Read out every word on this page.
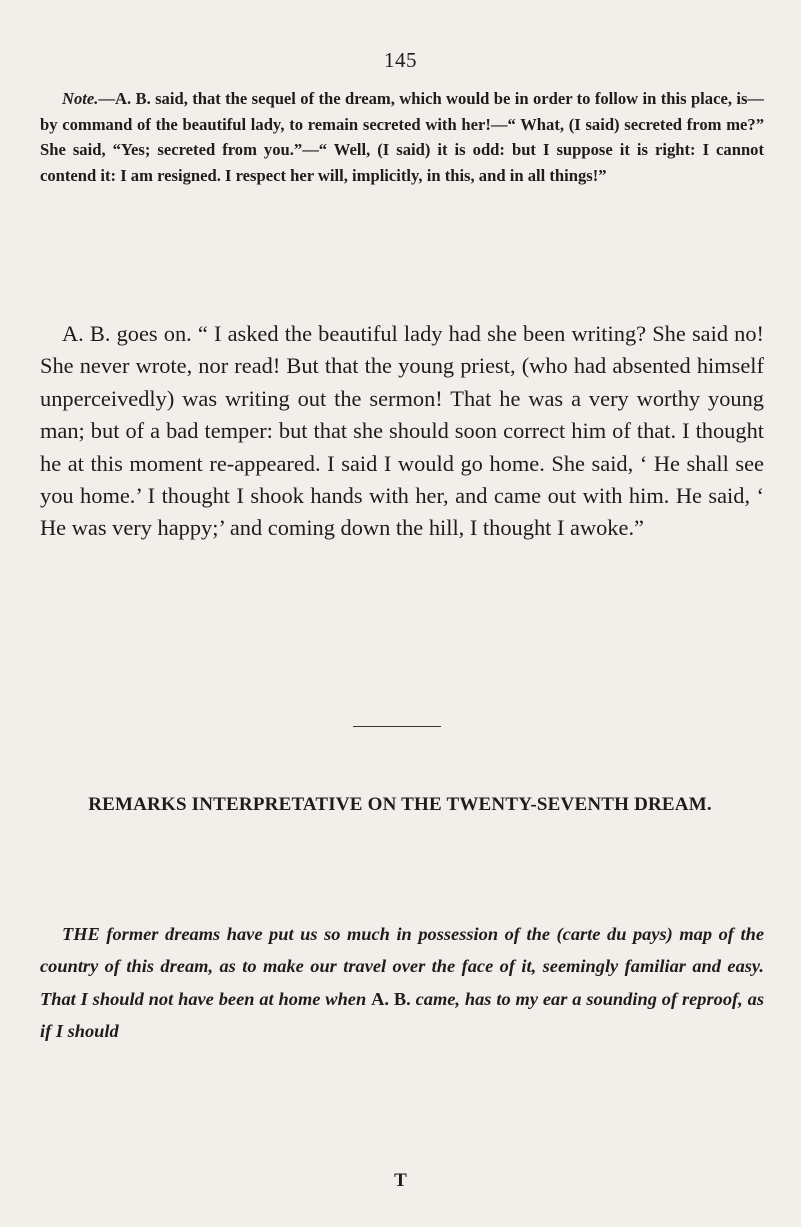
145

Note.—A. B. said, that the sequel of the dream, which would be in order to follow in this place, is—by command of the beautiful lady, to remain secreted with her!—“ What, (I said) secreted from me?” She said, “Yes; secreted from you.”—“ Well, (I said) it is odd: but I suppose it is right: I cannot contend it: I am resigned. I respect her will, implicitly, in this, and in all things!”

A. B. goes on. “ I asked the beautiful lady had she been writing? She said no! She never wrote, nor read! But that the young priest, (who had absented himself unperceivedly) was writing out the sermon! That he was a very worthy young man; but of a bad temper: but that she should soon correct him of that. I thought he at this moment re-appeared. I said I would go home. She said, ‘ He shall see you home.’ I thought I shook hands with her, and came out with him. He said, ‘ He was very happy;’ and coming down the hill, I thought I awoke.”

REMARKS INTERPRETATIVE ON THE TWENTY-SEVENTH DREAM.

THE former dreams have put us so much in possession of the (carte du pays) map of the country of this dream, as to make our travel over the face of it, seemingly familiar and easy. That I should not have been at home when A. B. came, has to my ear a sounding of reproof, as if I should

T
